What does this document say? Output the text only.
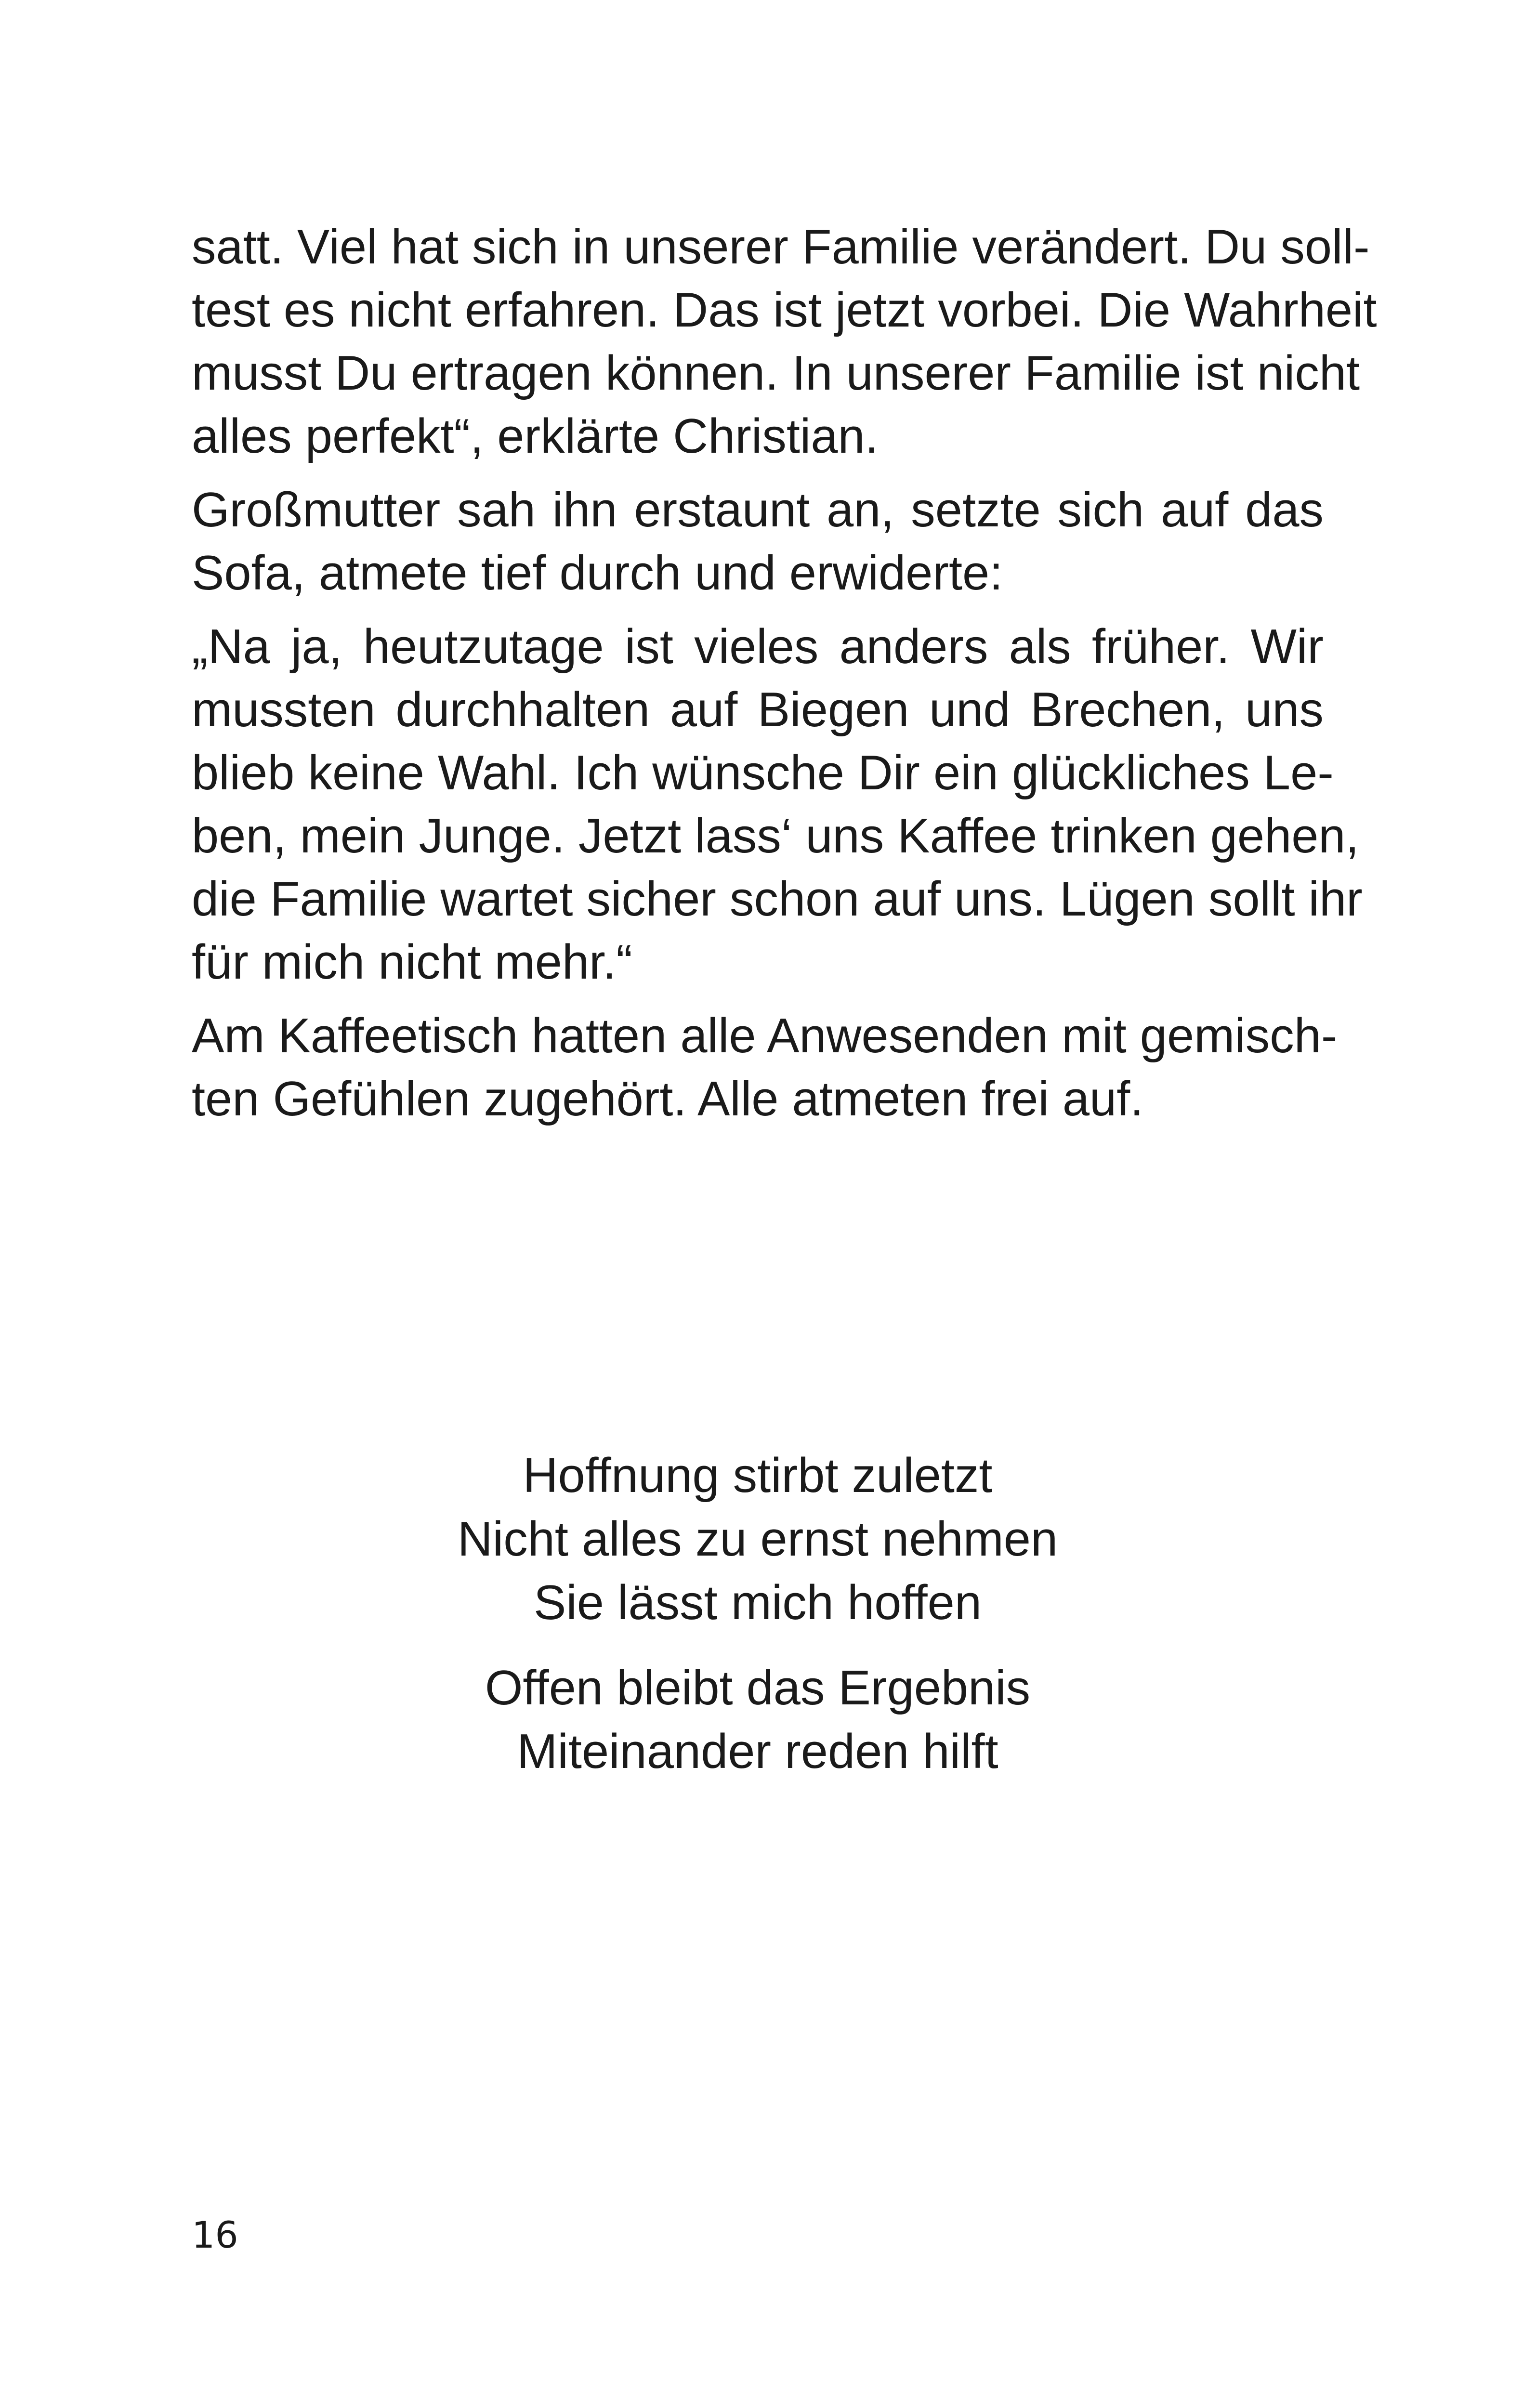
satt. Viel hat sich in unserer Familie verändert. Du soll-
test es nicht erfahren. Das ist jetzt vorbei. Die Wahrheit
musst Du ertragen können. In unserer Familie ist nicht
alles perfekt“, erklärte Christian.

Großmutter sah ihn erstaunt an, setzte sich auf das
Sofa, atmete tief durch und erwiderte:

„Na ja, heutzutage ist vieles anders als früher. Wir
mussten durchhalten auf Biegen und Brechen, uns
blieb keine Wahl. Ich wünsche Dir ein glückliches Le-
ben, mein Junge. Jetzt lass‘ uns Kaffee trinken gehen,
die Familie wartet sicher schon auf uns. Lügen sollt ihr
für mich nicht mehr.“

Am Kaffeetisch hatten alle Anwesenden mit gemisch-
ten Gefühlen zugehört. Alle atmeten frei auf.

Hoffnung stirbt zuletzt
Nicht alles zu ernst nehmen
Sie lässt mich hoffen
Offen bleibt das Ergebnis
Miteinander reden hilft
16
